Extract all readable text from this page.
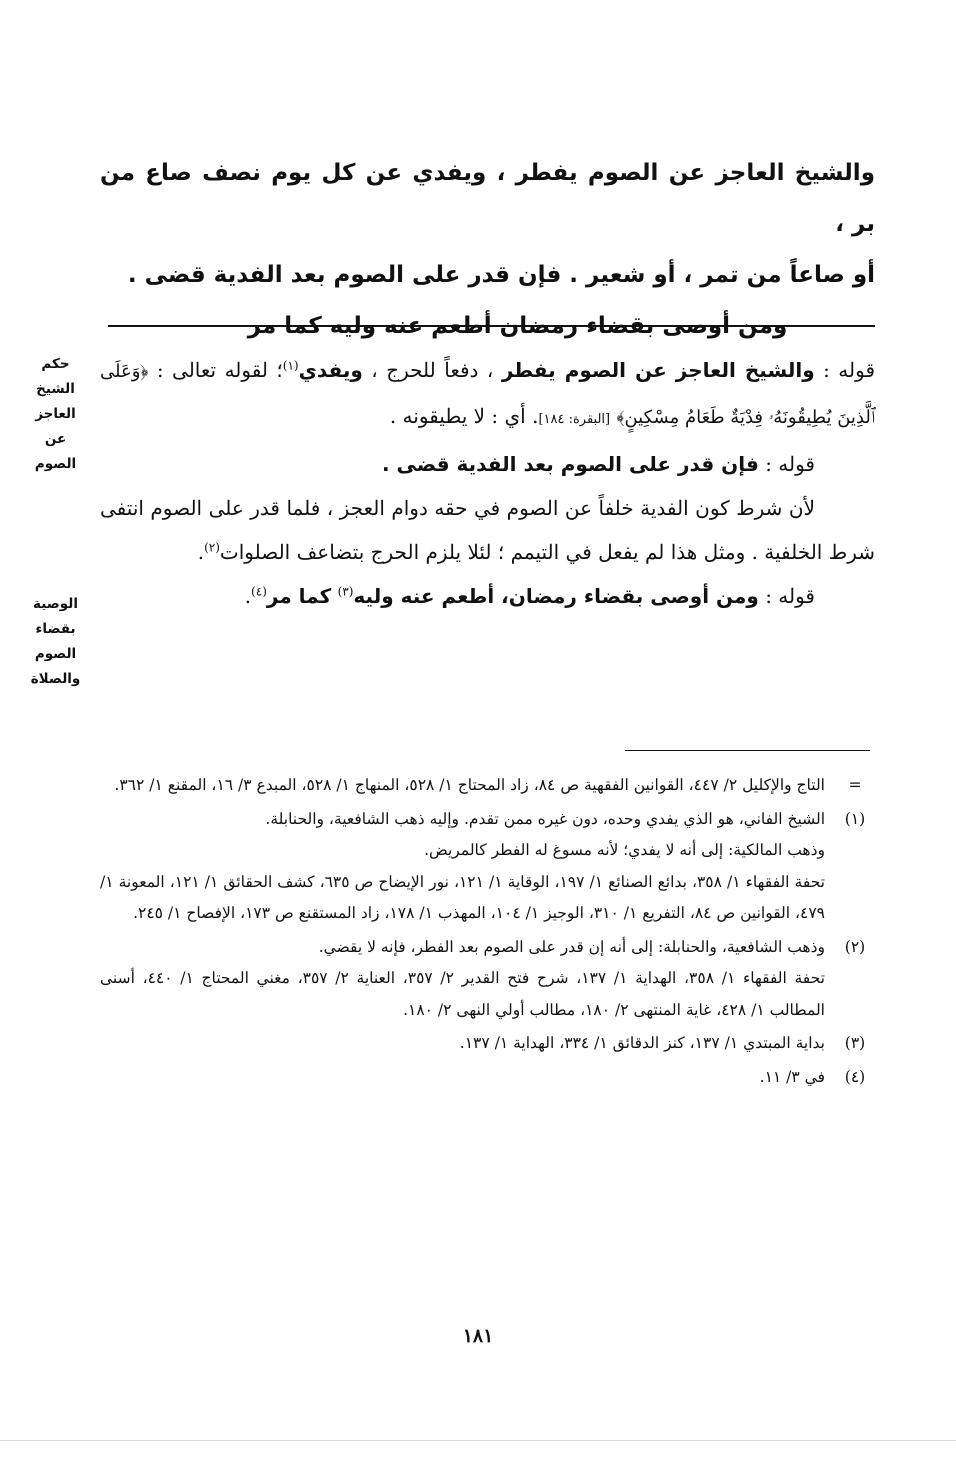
والشيخ العاجز عن الصوم يفطر ، ويفدي عن كل يوم نصف صاع من بر ،

أو صاعاً من تمر ، أو شعير . فإن قدر على الصوم بعد الفدية قضى .

ومن أوصى بقضاء رمضان أطعم عنه وليه كما مر

حكم
الشيخ
العاجز
عن
الصوم
الوصية
بقضاء
الصوم
والصلاة

قوله : والشيخ العاجز عن الصوم يفطر ، دفعاً للحرج ، ويفدي$^{(١)}$؛ لقوله تعالى : ﴿وَعَلَى ٱلَّذِينَ يُطِيقُونَهُۥ فِدْيَةٌ طَعَامُ مِسْكِينٍ﴾ [البقرة: ١٨٤]. أي : لا يطيقونه .

قوله : فإن قدر على الصوم بعد الفدية قضى .

لأن شرط كون الفدية خلفاً عن الصوم في حقه دوام العجز ، فلما قدر على الصوم انتفى شرط الخلفية . ومثل هذا لم يفعل في التيمم ؛ لئلا يلزم الحرج بتضاعف الصلوات$^{(٢)}$.

قوله : ومن أوصى بقضاء رمضان، أطعم عنه وليه$^{(٣)}$ كما مر$^{(٤)}$.

=

التاج والإكليل ٢/ ٤٤٧، القوانين الفقهية ص ٨٤، زاد المحتاج ١/ ٥٢٨، المنهاج ١/ ٥٢٨، المبدع ٣/ ١٦، المقنع ١/ ٣٦٢.

(١)

الشيخ الفاني، هو الذي يفدي وحده، دون غيره ممن تقدم. وإليه ذهب الشافعية، والحنابلة.

وذهب المالكية: إلى أنه لا يفدي؛ لأنه مسوغ له الفطر كالمريض.

تحفة الفقهاء ١/ ٣٥٨، بدائع الصنائع ١/ ١٩٧، الوقاية ١/ ١٢١، نور الإيضاح ص ٦٣٥، كشف الحقائق ١/ ١٢١، المعونة ١/ ٤٧٩، القوانين ص ٨٤، التفريع ١/ ٣١٠، الوجيز ١/ ١٠٤، المهذب ١/ ١٧٨، زاد المستقنع ص ١٧٣، الإفصاح ١/ ٢٤٥.

(٢)

وذهب الشافعية، والحنابلة: إلى أنه إن قدر على الصوم بعد الفطر، فإنه لا يقضي.

تحفة الفقهاء ١/ ٣٥٨، الهداية ١/ ١٣٧، شرح فتح القدير ٢/ ٣٥٧، العناية ٢/ ٣٥٧، مغني المحتاج ١/ ٤٤٠، أسنى المطالب ١/ ٤٢٨، غاية المنتهى ٢/ ١٨٠، مطالب أولي النهى ٢/ ١٨٠.

(٣)

بداية المبتدي ١/ ١٣٧، كنز الدقائق ١/ ٣٣٤، الهداية ١/ ١٣٧.

(٤)

في ٣/ ١١.

١٨١
